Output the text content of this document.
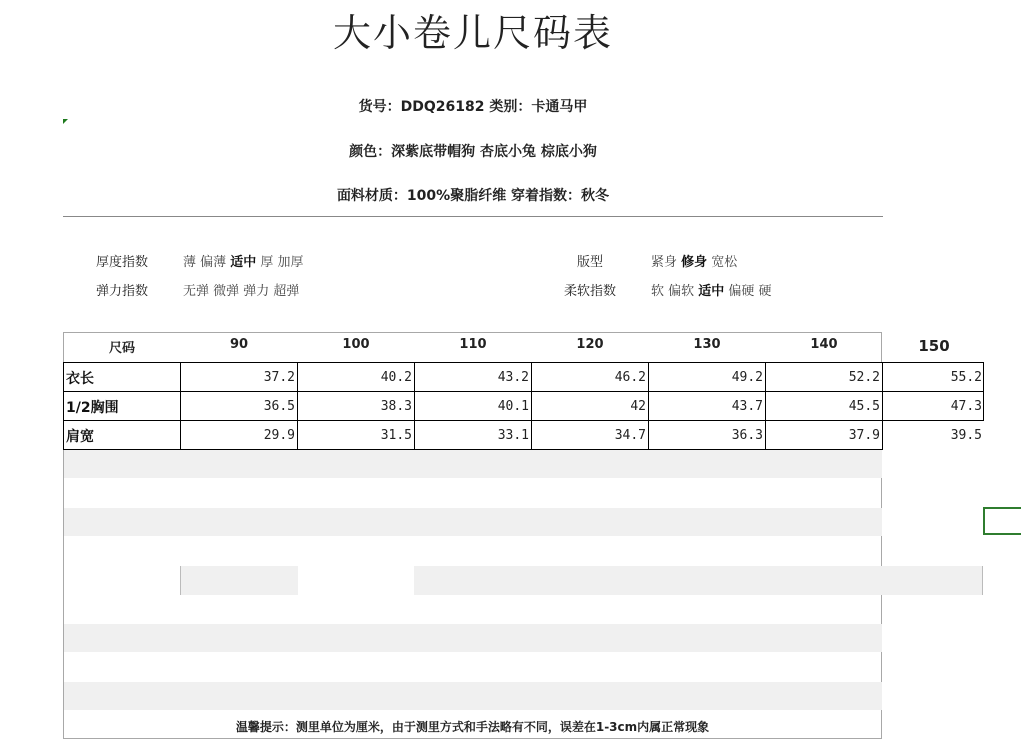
大小卷儿尺码表
货号：DDQ26182 类别：卡通马甲
颜色：深紫底带帽狗 杏底小兔 棕底小狗
面料材质：100%聚脂纤维 穿着指数：秋冬
厚度指数	薄 偏薄 适中 厚 加厚
弹力指数	无弹 微弹 弹力 超弹
版型	紧身 修身 宽松
柔软指数	软 偏软 适中 偏硬 硬
尺码	90	100	110	120	130	140	150
衣长	37.2	40.2	43.2	46.2	49.2	52.2	55.2
1/2胸围	36.5	38.3	40.1	42	43.7	45.5	47.3
肩宽	29.9	31.5	33.1	34.7	36.3	37.9	39.5
温馨提示：测里单位为厘米，由于测里方式和手法略有不同，误差在1-3cm内属正常现象
